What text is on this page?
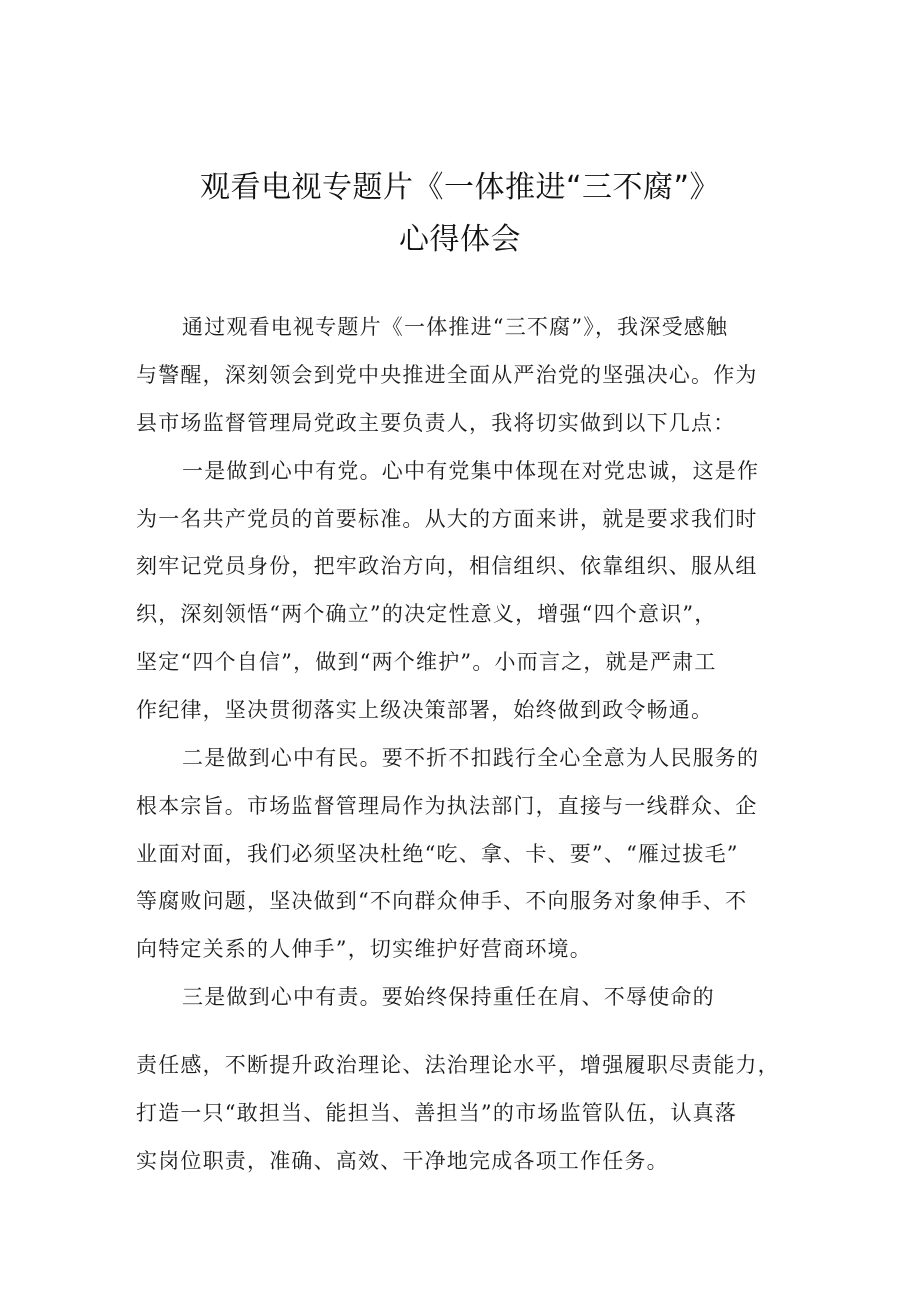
观看电视专题片《一体推进“三不腐”》
心得体会
通过观看电视专题片《一体推进“三不腐”》，我深受感触
与警醒，深刻领会到党中央推进全面从严治党的坚强决心。作为
县市场监督管理局党政主要负责人，我将切实做到以下几点：
一是做到心中有党。心中有党集中体现在对党忠诚，这是作
为一名共产党员的首要标准。从大的方面来讲，就是要求我们时
刻牢记党员身份，把牢政治方向，相信组织、依靠组织、服从组
织，深刻领悟“两个确立”的决定性意义，增强“四个意识”，
坚定“四个自信”，做到“两个维护”。小而言之，就是严肃工
作纪律，坚决贯彻落实上级决策部署，始终做到政令畅通。
二是做到心中有民。要不折不扣践行全心全意为人民服务的
根本宗旨。市场监督管理局作为执法部门，直接与一线群众、企
业面对面，我们必须坚决杜绝“吃、拿、卡、要”、“雁过拔毛”
等腐败问题，坚决做到“不向群众伸手、不向服务对象伸手、不
向特定关系的人伸手”，切实维护好营商环境。
三是做到心中有责。要始终保持重任在肩、不辱使命的
责任感，不断提升政治理论、法治理论水平，增强履职尽责能力，
打造一只“敢担当、能担当、善担当”的市场监管队伍，认真落
实岗位职责，准确、高效、干净地完成各项工作任务。
